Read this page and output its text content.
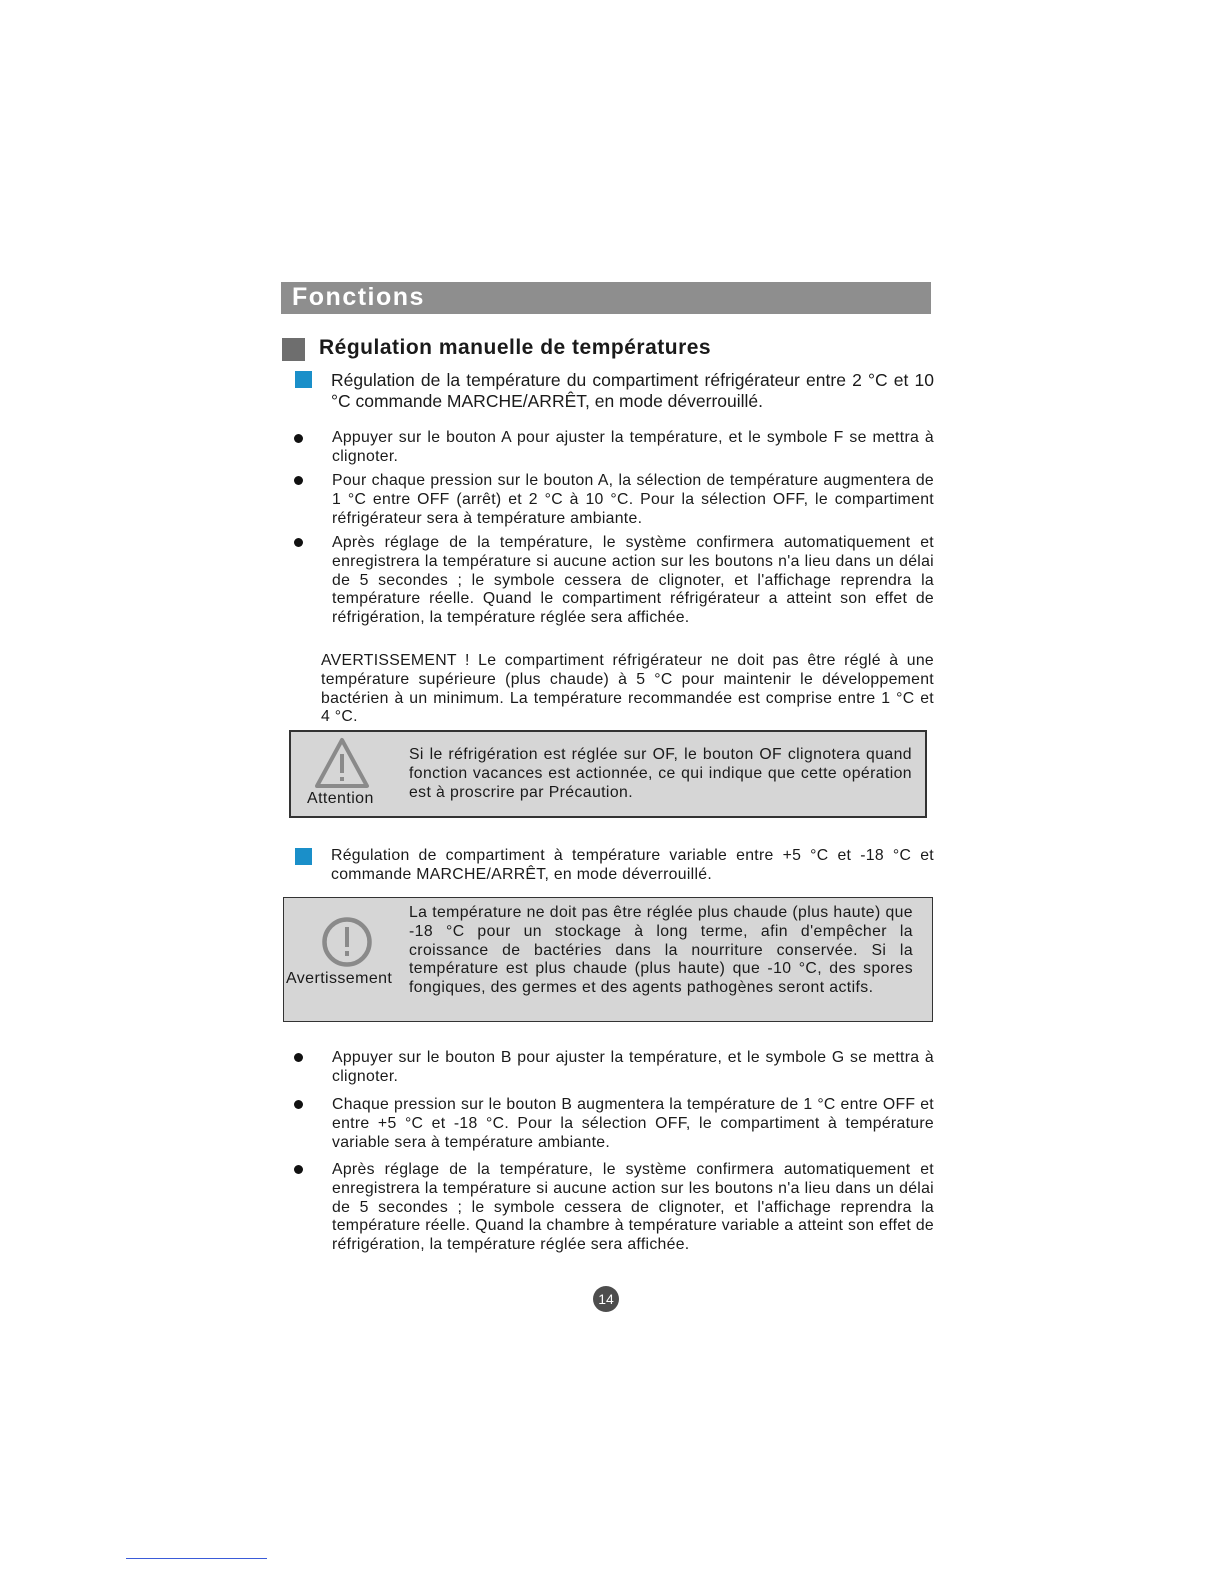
Fonctions
Régulation manuelle de températures

Régulation de la température du compartiment réfrigérateur entre 2 °C et 10 °C commande MARCHE/ARRÊT, en mode déverrouillé.

Appuyer sur le bouton A pour ajuster la température, et le symbole F se mettra à clignoter.

Pour chaque pression sur le bouton A, la sélection de température augmentera de 1 °C entre OFF (arrêt) et 2 °C à 10 °C. Pour la sélection OFF, le compartiment réfrigérateur sera à température ambiante.

Après réglage de la température, le système confirmera automatiquement et enregistrera la température si aucune action sur les boutons n'a lieu dans un délai de 5 secondes ; le symbole cessera de clignoter, et l'affichage reprendra la température réelle. Quand le compartiment réfrigérateur a atteint son effet de réfrigération, la température réglée sera affichée.

AVERTISSEMENT ! Le compartiment réfrigérateur ne doit pas être réglé à une température supérieure (plus chaude) à 5 °C pour maintenir le développement bactérien à un minimum. La température recommandée est comprise entre 1 °C et 4 °C.

Attention

Si le réfrigération est réglée sur OF, le bouton OF clignotera quand fonction vacances est actionnée, ce qui indique que cette opération est à proscrire par Précaution.

Régulation de compartiment à température variable entre +5 °C et -18 °C et commande MARCHE/ARRÊT, en mode déverrouillé.

Avertissement

La température ne doit pas être réglée plus chaude (plus haute) que -18 °C pour un stockage à long terme, afin d'empêcher la croissance de bactéries dans la nourriture conservée. Si la température est plus chaude (plus haute) que -10 °C, des spores fongiques, des germes et des agents pathogènes seront actifs.

Appuyer sur le bouton B pour ajuster la température, et le symbole G se mettra à clignoter.

Chaque pression sur le bouton B augmentera la température de 1 °C entre OFF et entre +5 °C et -18 °C. Pour la sélection OFF, le compartiment à température variable sera à température ambiante.

Après réglage de la température, le système confirmera automatiquement et enregistrera la température si aucune action sur les boutons n'a lieu dans un délai de 5 secondes ; le symbole cessera de clignoter, et l'affichage reprendra la température réelle. Quand la chambre à température variable a atteint son effet de réfrigération, la température réglée sera affichée.

14
